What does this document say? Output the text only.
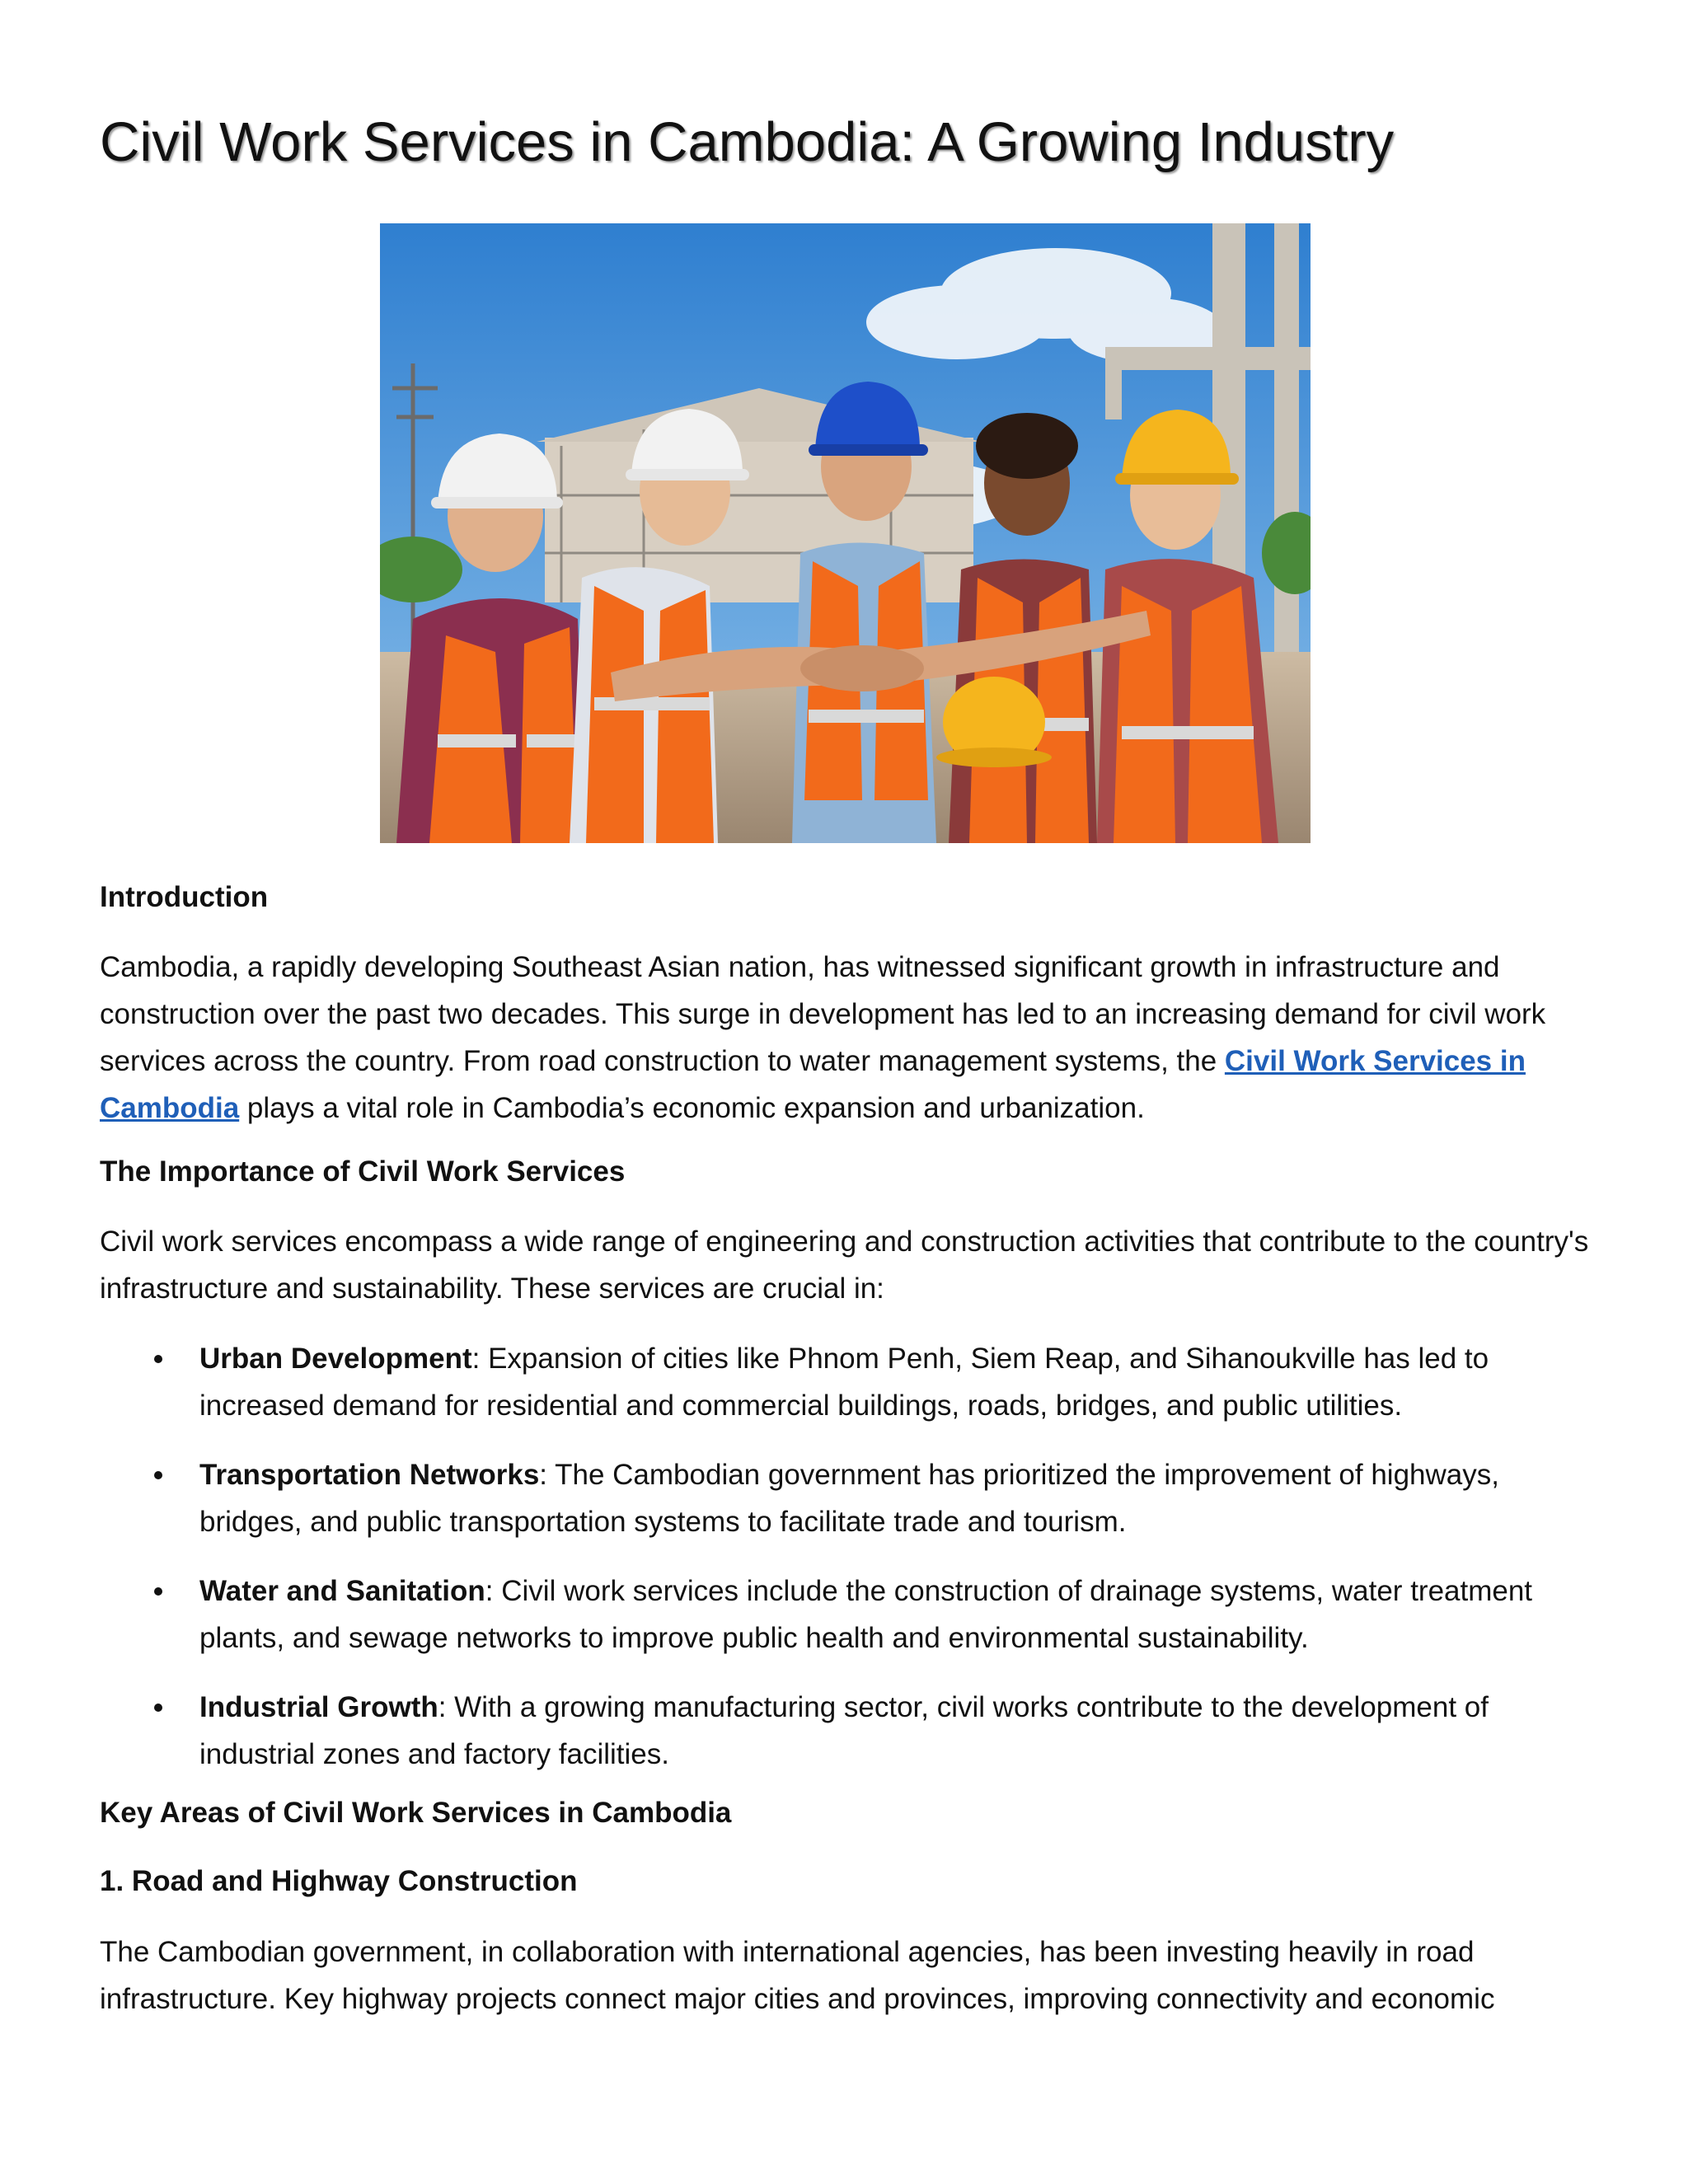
Civil Work Services in Cambodia: A Growing Industry
Introduction

Cambodia, a rapidly developing Southeast Asian nation, has witnessed significant growth in infrastructure and construction over the past two decades. This surge in development has led to an increasing demand for civil work services across the country. From road construction to water management systems, the Civil Work Services in Cambodia plays a vital role in Cambodia’s economic expansion and urbanization.

The Importance of Civil Work Services

Civil work services encompass a wide range of engineering and construction activities that contribute to the country's infrastructure and sustainability. These services are crucial in:

Urban Development: Expansion of cities like Phnom Penh, Siem Reap, and Sihanoukville has led to increased demand for residential and commercial buildings, roads, bridges, and public utilities.
Transportation Networks: The Cambodian government has prioritized the improvement of highways, bridges, and public transportation systems to facilitate trade and tourism.
Water and Sanitation: Civil work services include the construction of drainage systems, water treatment plants, and sewage networks to improve public health and environmental sustainability.
Industrial Growth: With a growing manufacturing sector, civil works contribute to the development of industrial zones and factory facilities.
Key Areas of Civil Work Services in Cambodia
1. Road and Highway Construction

The Cambodian government, in collaboration with international agencies, has been investing heavily in road infrastructure. Key highway projects connect major cities and provinces, improving connectivity and economic
